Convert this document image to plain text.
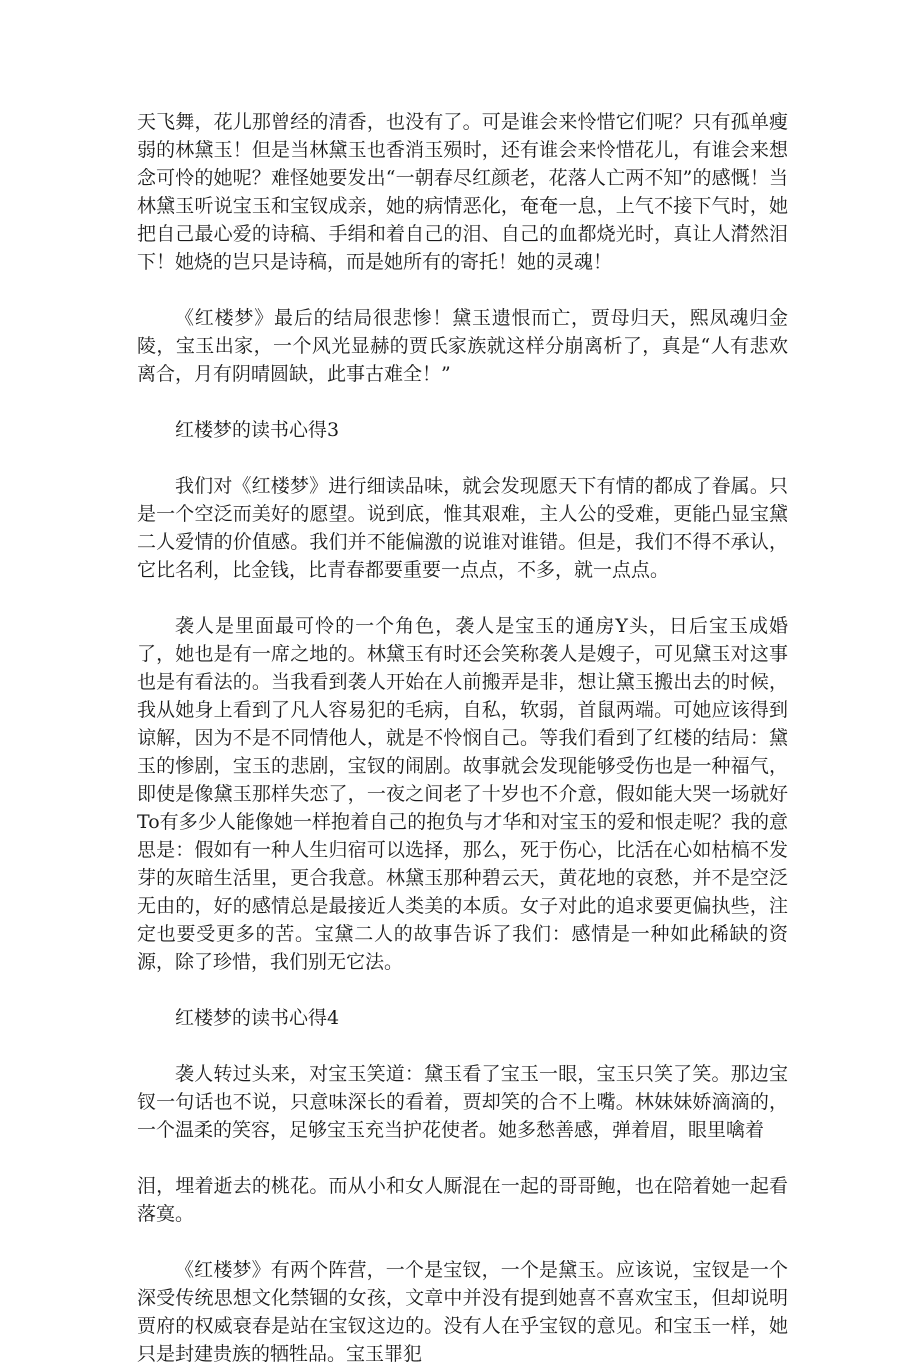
天飞舞，花儿那曾经的清香，也没有了。可是谁会来怜惜它们呢？只有孤单瘦弱的林黛玉！但是当林黛玉也香消玉殒时，还有谁会来怜惜花儿，有谁会来想念可怜的她呢？难怪她要发出“一朝春尽红颜老，花落人亡两不知”的感慨！当林黛玉听说宝玉和宝钗成亲，她的病情恶化，奄奄一息，上气不接下气时，她把自己最心爱的诗稿、手绢和着自己的泪、自己的血都烧光时，真让人潸然泪下！她烧的岂只是诗稿，而是她所有的寄托！她的灵魂！

《红楼梦》最后的结局很悲惨！黛玉遗恨而亡，贾母归天，熙凤魂归金陵，宝玉出家，一个风光显赫的贾氏家族就这样分崩离析了，真是“人有悲欢离合，月有阴晴圆缺，此事古难全！”

红楼梦的读书心得3

我们对《红楼梦》进行细读品味，就会发现愿天下有情的都成了眷属。只是一个空泛而美好的愿望。说到底，惟其艰难，主人公的受难，更能凸显宝黛二人爱情的价值感。我们并不能偏激的说谁对谁错。但是，我们不得不承认，它比名利，比金钱，比青春都要重要一点点，不多，就一点点。

袭人是里面最可怜的一个角色，袭人是宝玉的通房Y头，日后宝玉成婚了，她也是有一席之地的。林黛玉有时还会笑称袭人是嫂子，可见黛玉对这事也是有看法的。当我看到袭人开始在人前搬弄是非，想让黛玉搬出去的时候，我从她身上看到了凡人容易犯的毛病，自私，软弱，首鼠两端。可她应该得到谅解，因为不是不同情他人，就是不怜悯自己。等我们看到了红楼的结局：黛玉的惨剧，宝玉的悲剧，宝钗的闹剧。故事就会发现能够受伤也是一种福气，即使是像黛玉那样失恋了，一夜之间老了十岁也不介意，假如能大哭一场就好To有多少人能像她一样抱着自己的抱负与才华和对宝玉的爱和恨走呢？我的意思是：假如有一种人生归宿可以选择，那么，死于伤心，比活在心如枯槁不发芽的灰暗生活里，更合我意。林黛玉那种碧云天，黄花地的哀愁，并不是空泛无由的，好的感情总是最接近人类美的本质。女子对此的追求要更偏执些，注定也要受更多的苦。宝黛二人的故事告诉了我们：感情是一种如此稀缺的资源，除了珍惜，我们别无它法。

红楼梦的读书心得4

袭人转过头来，对宝玉笑道：黛玉看了宝玉一眼，宝玉只笑了笑。那边宝钗一句话也不说，只意味深长的看着，贾却笑的合不上嘴。林妹妹娇滴滴的，一个温柔的笑容，足够宝玉充当护花使者。她多愁善感，弹着眉，眼里噙着

泪，埋着逝去的桃花。而从小和女人厮混在一起的哥哥鲍，也在陪着她一起看落寞。

《红楼梦》有两个阵营，一个是宝钗，一个是黛玉。应该说，宝钗是一个深受传统思想文化禁锢的女孩，文章中并没有提到她喜不喜欢宝玉，但却说明贾府的权威衰春是站在宝钗这边的。没有人在乎宝钗的意见。和宝玉一样，她只是封建贵族的牺牲品。宝玉罪犯
